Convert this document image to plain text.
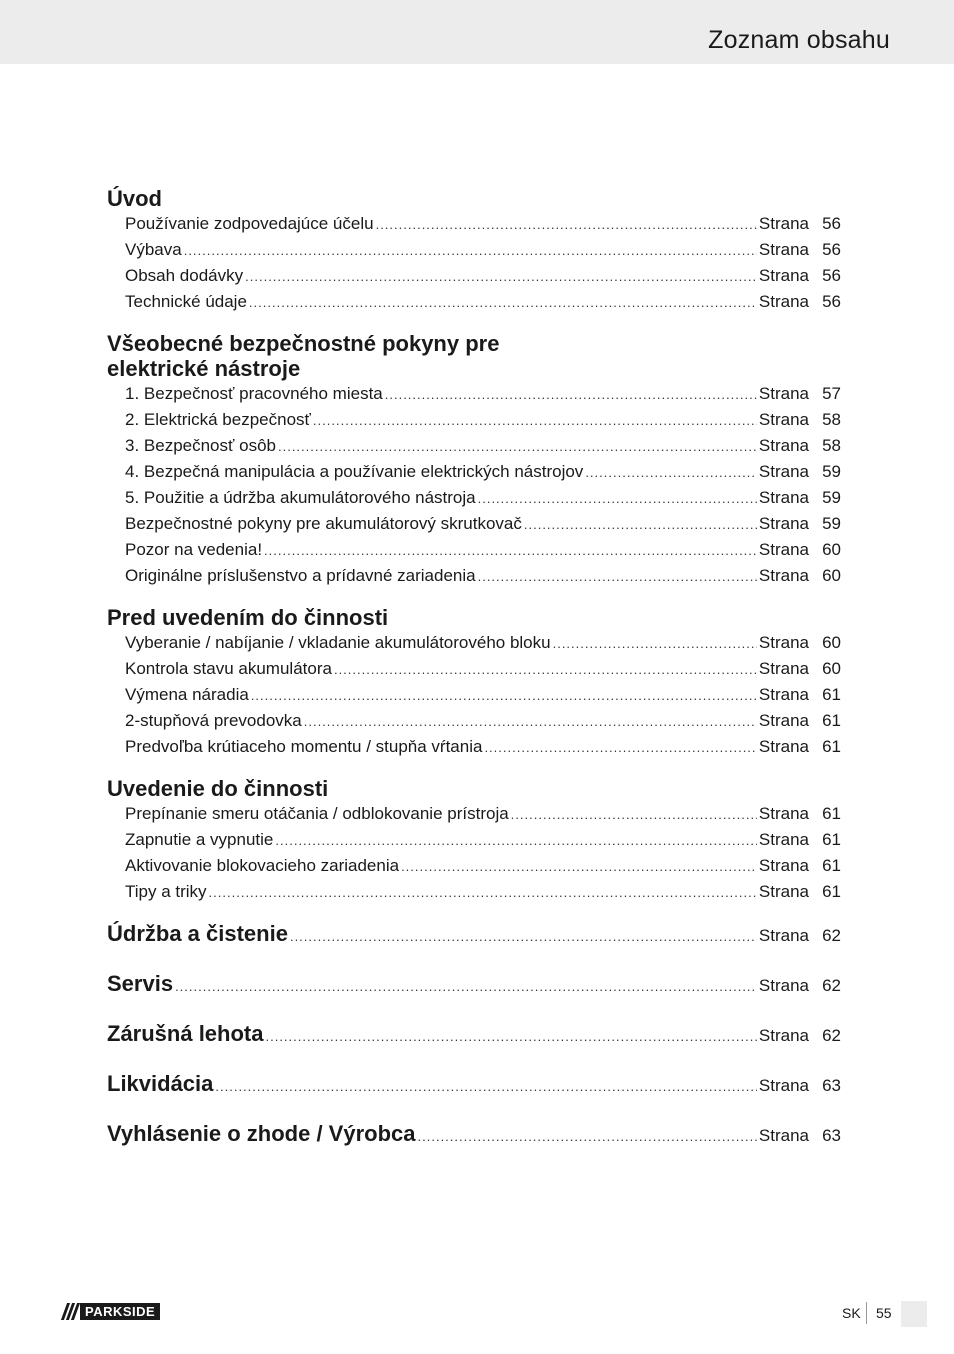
Zoznam obsahu
Úvod
Používanie zodpovedajúce účelu .....	Strana 56
Výbava .....	Strana 56
Obsah dodávky .....	Strana 56
Technické údaje .....	Strana 56
Všeobecné bezpečnostné pokyny pre
elektrické nástroje
1. Bezpečnosť pracovného miesta .....	Strana 57
2. Elektrická bezpečnosť .....	Strana 58
3. Bezpečnosť osôb .....	Strana 58
4. Bezpečná manipulácia a používanie elektrických nástrojov .....	Strana 59
5. Použitie a údržba akumulátorového nástroja .....	Strana 59
Bezpečnostné pokyny pre akumulátorový skrutkovač .....	Strana 59
Pozor na vedenia! .....	Strana 60
Originálne príslušenstvo a prídavné zariadenia .....	Strana 60
Pred uvedením do činnosti
Vyberanie / nabíjanie / vkladanie akumulátorového bloku .....	Strana 60
Kontrola stavu akumulátora .....	Strana 60
Výmena náradia .....	Strana 61
2-stupňová prevodovka .....	Strana 61
Predvoľba krútiaceho momentu / stupňa vŕtania .....	Strana 61
Uvedenie do činnosti
Prepínanie smeru otáčania / odblokovanie prístroja .....	Strana 61
Zapnutie a vypnutie .....	Strana 61
Aktivovanie blokovacieho zariadenia .....	Strana 61
Tipy a triky .....	Strana 61
Údržba a čistenie .....	Strana 62
Servis .....	Strana 62
Zárušná lehota .....	Strana 62
Likvidácia .....	Strana 63
Vyhlásenie o zhode / Výrobca .....	Strana 63
PARKSIDE	SK 55
